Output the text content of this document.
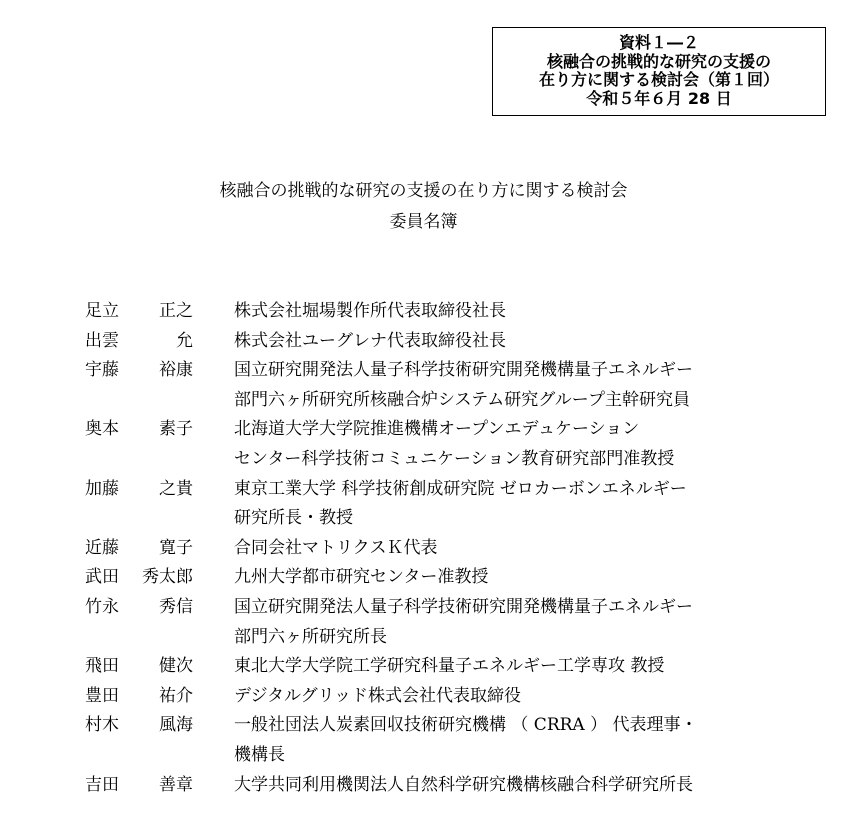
資料１―２
核融合の挑戦的な研究の支援の
在り方に関する検討会（第１回）
令和５年６月 28 日
核融合の挑戦的な研究の支援の在り方に関する検討会
委員名簿
足立	正之 株式会社堀場製作所代表取締役社長
出雲	允 株式会社ユーグレナ代表取締役社長
宇藤	裕康 国立研究開発法人量子科学技術研究開発機構量子エネルギー
部門六ヶ所研究所核融合炉システム研究グループ主幹研究員
奥本	素子 北海道大学大学院推進機構オープンエデュケーション
センター科学技術コミュニケーション教育研究部門准教授
加藤	之貴 東京工業大学 科学技術創成研究院 ゼロカーボンエネルギー
研究所長・教授
近藤	寛子 合同会社マトリクスＫ代表
武田	秀太郎 九州大学都市研究センター准教授
竹永	秀信 国立研究開発法人量子科学技術研究開発機構量子エネルギー
部門六ヶ所研究所長
飛田	健次 東北大学大学院工学研究科量子エネルギー工学専攻 教授
豊田	祐介 デジタルグリッド株式会社代表取締役
村木	風海 一般社団法人炭素回収技術研究機構 （ CRRA ） 代表理事・
機構長
吉田	善章 大学共同利用機関法人自然科学研究機構核融合科学研究所長
